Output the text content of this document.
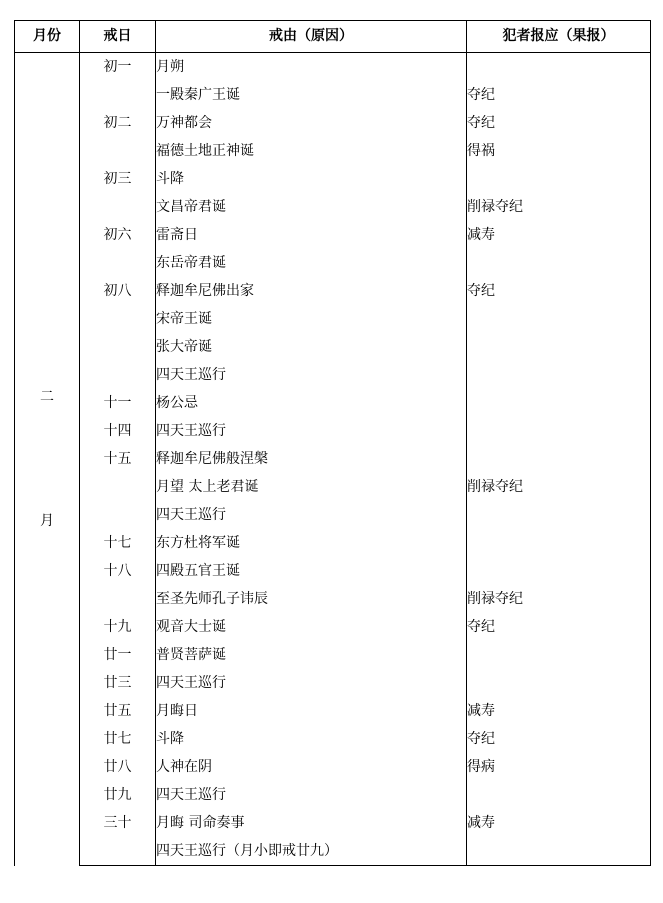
月份	戒日	戒由（原因）	犯者报应（果报）

二
月	初一	月朔	
		一殿秦广王诞	夺纪
	初二	万神都会	夺纪
		福德土地正神诞	得祸
	初三	斗降	
		文昌帝君诞	削禄夺纪
	初六	雷斋日	减寿
		东岳帝君诞	
	初八	释迦牟尼佛出家	夺纪
		宋帝王诞	
		张大帝诞	
		四天王巡行	
	十一	杨公忌	
	十四	四天王巡行	
	十五	释迦牟尼佛般涅槃	
		月望 太上老君诞	削禄夺纪
		四天王巡行	
	十七	东方杜将军诞	
	十八	四殿五官王诞	
		至圣先师孔子讳辰	削禄夺纪
	十九	观音大士诞	夺纪
	廿一	普贤菩萨诞	
	廿三	四天王巡行	
	廿五	月晦日	减寿
	廿七	斗降	夺纪
	廿八	人神在阴	得病
	廿九	四天王巡行	
	三十	月晦 司命奏事	减寿
		四天王巡行（月小即戒廿九）	
